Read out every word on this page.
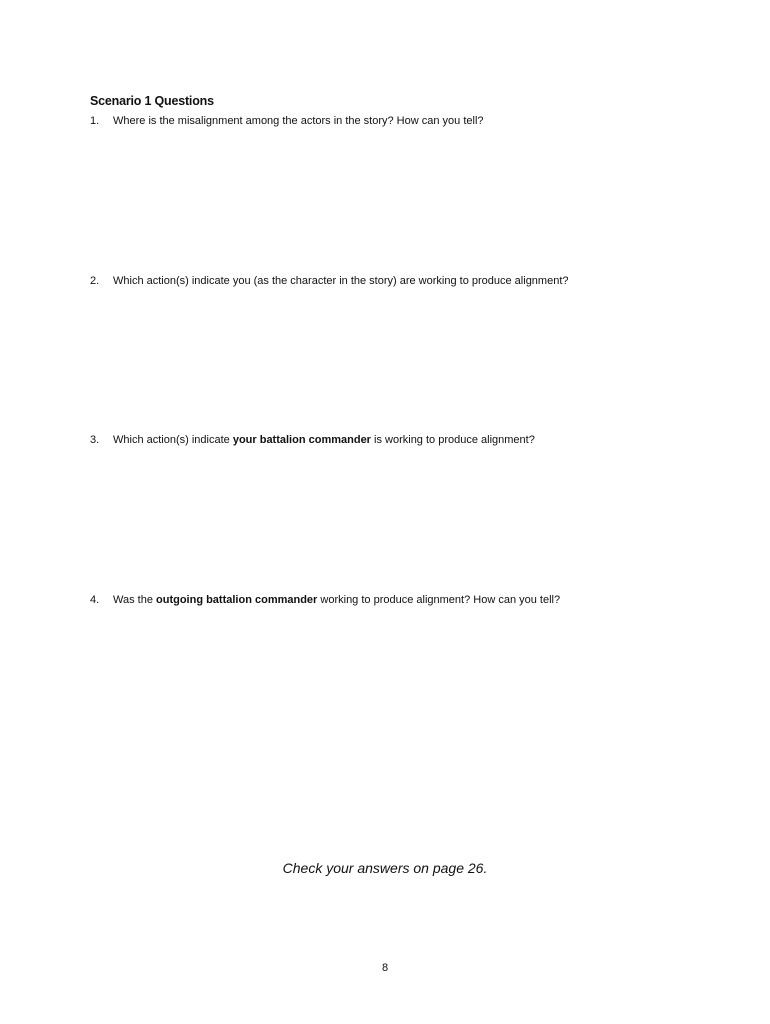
Scenario 1 Questions
1. Where is the misalignment among the actors in the story? How can you tell?
2. Which action(s) indicate you (as the character in the story) are working to produce alignment?
3. Which action(s) indicate your battalion commander is working to produce alignment?
4. Was the outgoing battalion commander working to produce alignment? How can you tell?
Check your answers on page 26.
8
